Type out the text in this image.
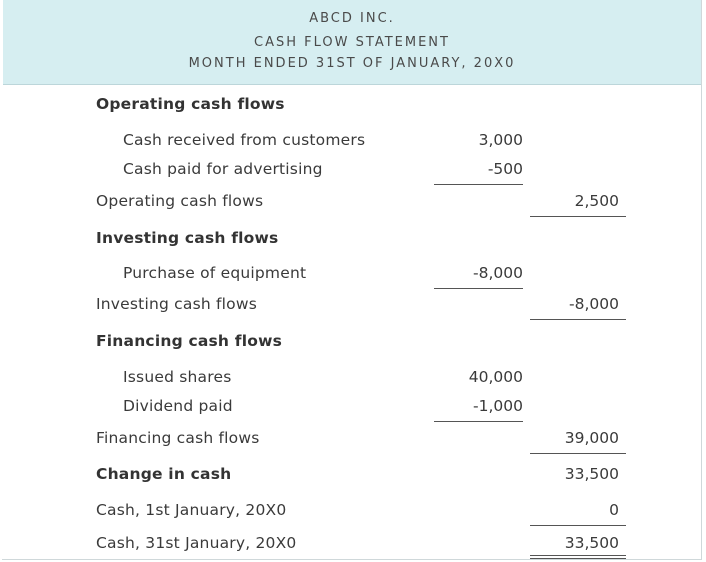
ABCD INC.
CASH FLOW STATEMENT
MONTH ENDED 31ST OF JANUARY, 20X0
Operating cash flows
Cash received from customers	3,000
Cash paid for advertising	-500
Operating cash flows	2,500
Investing cash flows
Purchase of equipment	-8,000
Investing cash flows	-8,000
Financing cash flows
Issued shares	40,000
Dividend paid	-1,000
Financing cash flows	39,000
Change in cash	33,500
Cash, 1st January, 20X0	0
Cash, 31st January, 20X0	33,500
